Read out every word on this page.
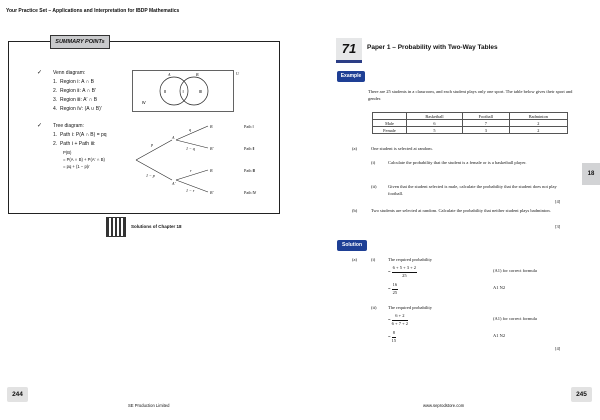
Your Practice Set – Applications and Interpretation for IBDP Mathematics
SUMMARY POINTs
✓ Venn diagram:
1. Region Ⅰ: A ∩ B
2. Region Ⅱ: A ∩ B′
3. Region Ⅲ: A′ ∩ B
4. Region Ⅳ: (A ∪ B)′
A	B
Ⅱ	Ⅰ	Ⅲ
Ⅳ
U
✓ Tree diagram:
1. Path Ⅰ: P(A ∩ B) = pq
2. Path Ⅰ + Path Ⅲ:
P(B)
= P(A ∩ B) + P(A′ ∩ B)
= pq + (1 − p)r
p
1 − p
q
1 − q
r
1 − r
A
A′
B
B′
B
B′
Path Ⅰ
Path Ⅱ
Path Ⅲ
Path Ⅳ
Solutions of Chapter 18
244
SE Production Limited
71	Paper 1 – Probability with Two-Way Tables
Example
There are 25 students in a classroom, and each student plays only one sport. The table below gives their sport and gender.
	Basketball	Football	Badminton
Male	6	7	2
Female	5	3	2
(a)	One student is selected at random.
(i)	Calculate the probability that the student is a female or is a basketball player.
(ii)	Given that the student selected is male, calculate the probability that the student does not play football.
[4]
(b)	Two students are selected at random. Calculate the probability that neither student plays badminton.
[3]
18
Solution
(a)	(i)	The required probability
= $\frac{6 + 5 + 3 + 2}{25}$	(A1) for correct formula
= $\frac{16}{25}$	A1 N2
(ii)	The required probability
= $\frac{6 + 2}{6 + 7 + 2}$	(A1) for correct formula
= $\frac{8}{15}$	A1 N2
[4]
245
www.seprodstore.com
